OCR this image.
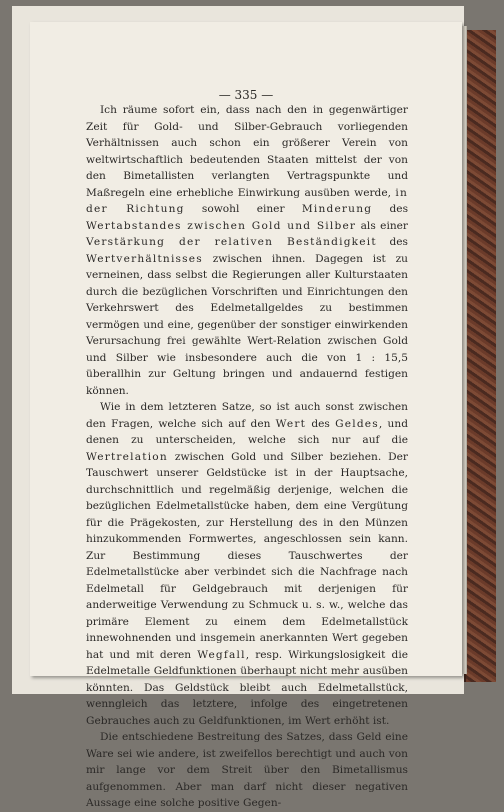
— 335 —

Ich räume sofort ein, dass nach den in gegenwärtiger Zeit für Gold- und Silber-Gebrauch vorliegenden Verhältnissen auch schon ein größerer Verein von weltwirtschaftlich bedeutenden Staaten mittelst der von den Bimetallisten verlangten Vertragspunkte und Maßregeln eine erhebliche Einwirkung ausüben werde, in der Richtung sowohl einer Minderung des Wertabstandes zwischen Gold und Silber als einer Verstärkung der relativen Beständigkeit des Wertverhältnisses zwischen ihnen. Dagegen ist zu verneinen, dass selbst die Regierungen aller Kulturstaaten durch die bezüglichen Vorschriften und Einrichtungen den Verkehrswert des Edelmetallgeldes zu bestimmen vermögen und eine, gegenüber der sonstiger einwirkenden Verursachung frei gewählte Wert-Relation zwischen Gold und Silber wie insbesondere auch die von 1 : 15,5 überallhin zur Geltung bringen und andauernd festigen können.

Wie in dem letzteren Satze, so ist auch sonst zwischen den Fragen, welche sich auf den Wert des Geldes, und denen zu unterscheiden, welche sich nur auf die Wertrelation zwischen Gold und Silber beziehen. Der Tauschwert unserer Geldstücke ist in der Hauptsache, durchschnittlich und regelmäßig derjenige, welchen die bezüglichen Edelmetallstücke haben, dem eine Vergütung für die Prägekosten, zur Herstellung des in den Münzen hinzukommenden Formwertes, angeschlossen sein kann. Zur Bestimmung dieses Tauschwertes der Edelmetallstücke aber verbindet sich die Nachfrage nach Edelmetall für Geldgebrauch mit derjenigen für anderweitige Verwendung zu Schmuck u. s. w., welche das primäre Element zu einem dem Edelmetallstück innewohnenden und insgemein anerkannten Wert gegeben hat und mit deren Wegfall, resp. Wirkungslosigkeit die Edelmetalle Geldfunktionen überhaupt nicht mehr ausüben könnten. Das Geldstück bleibt auch Edelmetallstück, wenngleich das letztere, infolge des eingetretenen Gebrauches auch zu Geldfunktionen, im Wert erhöht ist.

Die entschiedene Bestreitung des Satzes, dass Geld eine Ware sei wie andere, ist zweifellos berechtigt und auch von mir lange vor dem Streit über den Bimetallismus aufgenommen. Aber man darf nicht dieser negativen Aussage eine solche positive Gegen-
